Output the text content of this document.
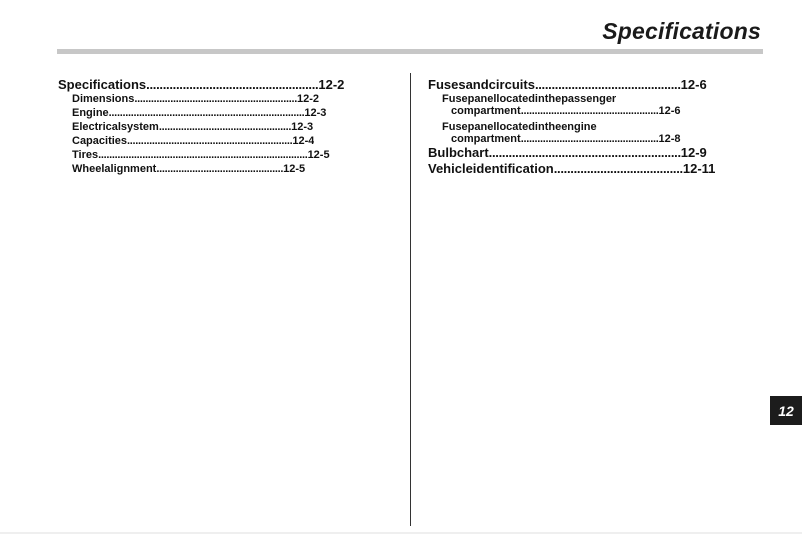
Specifications
Specifications....................................................12-2
Dimensions...........................................................12-2
Engine.......................................................................12-3
Electricalsystem................................................12-3
Capacities............................................................12-4
Tires............................................................................12-5
Wheelalignment..............................................12-5
Fusesandcircuits............................................12-6
Fusepanellocatedinthepassenger
compartment..................................................12-6
Fusepanellocatedintheengine
compartment..................................................12-8
Bulbchart..........................................................12-9
Vehicleidentification.......................................12-11
12
